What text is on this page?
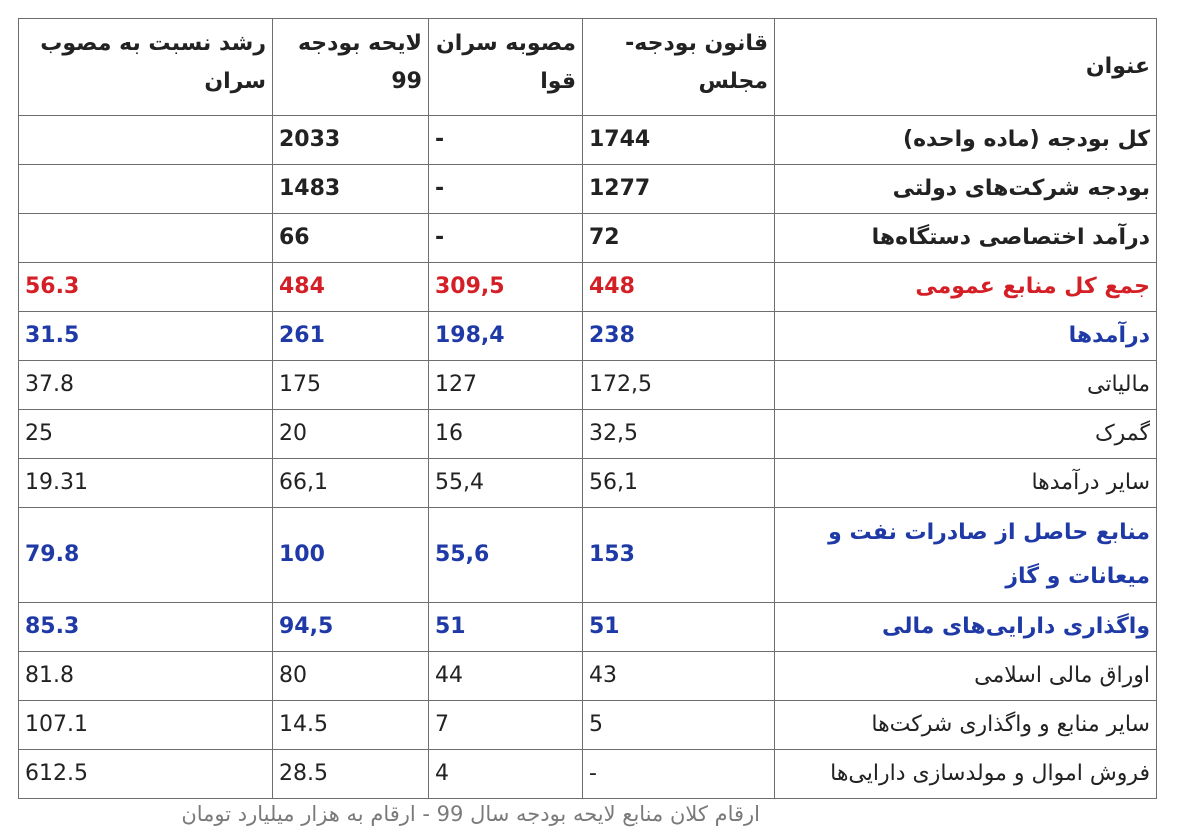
عنوان	قانون بودجه-مجلس	مصوبه سران قوا	لایحه بودجه 99	رشد نسبت به مصوب سران
کل بودجه (ماده واحده)	1744	-	2033	
بودجه شرکت‌های دولتی	1277	-	1483	
درآمد اختصاصی دستگاه‌ها	72	-	66	
جمع کل منابع عمومی	448	309,5	484	56.3
درآمدها	238	198,4	261	31.5
مالیاتی	172,5	127	175	37.8
گمرک	32,5	16	20	25
سایر درآمدها	56,1	55,4	66,1	19.31
منابع حاصل از صادرات نفت و میعانات و گاز	153	55,6	100	79.8
واگذاری دارایی‌های مالی	51	51	94,5	85.3
اوراق مالی اسلامی	43	44	80	81.8
سایر منابع و واگذاری شرکت‌ها	5	7	14.5	107.1
فروش اموال و مولدسازی دارایی‌ها	-	4	28.5	612.5
ارقام کلان منابع لایحه بودجه سال 99 - ارقام به هزار میلیارد تومان
